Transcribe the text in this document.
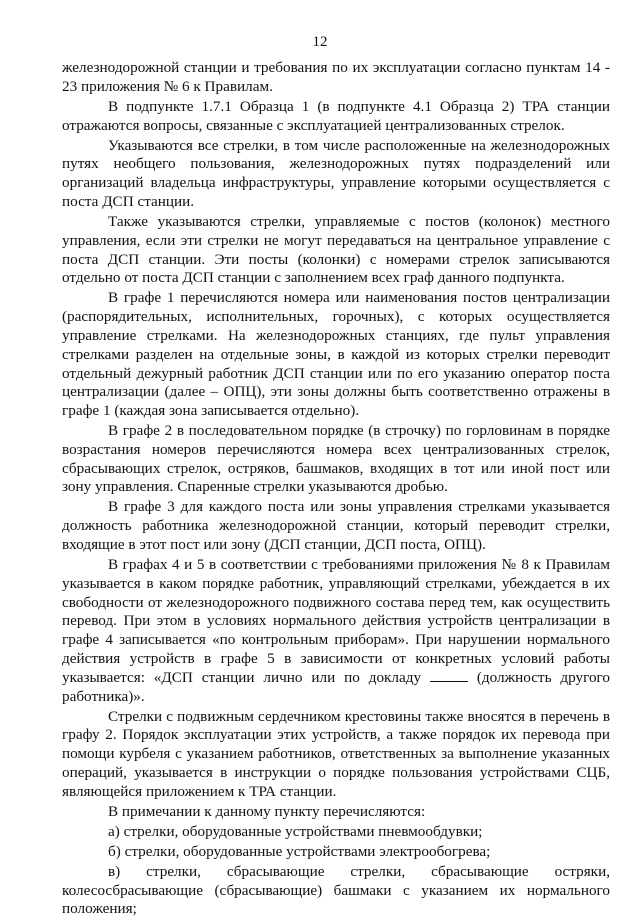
12

железнодорожной станции и требования по их эксплуатации согласно пунктам 14 - 23 приложения № 6 к Правилам.

В подпункте 1.7.1 Образца 1 (в подпункте 4.1 Образца 2) ТРА станции отражаются вопросы, связанные с эксплуатацией централизованных стрелок.

Указываются все стрелки, в том числе расположенные на железнодорожных путях необщего пользования, железнодорожных путях подразделений или организаций владельца инфраструктуры, управление которыми осуществляется с поста ДСП станции.

Также указываются стрелки, управляемые с постов (колонок) местного управления, если эти стрелки не могут передаваться на центральное управление с поста ДСП станции. Эти посты (колонки) с номерами стрелок записываются отдельно от поста ДСП станции с заполнением всех граф данного подпункта.

В графе 1 перечисляются номера или наименования постов централизации (распорядительных, исполнительных, горочных), с которых осуществляется управление стрелками. На железнодорожных станциях, где пульт управления стрелками разделен на отдельные зоны, в каждой из которых стрелки переводит отдельный дежурный работник ДСП станции или по его указанию оператор поста централизации (далее – ОПЦ), эти зоны должны быть соответственно отражены в графе 1 (каждая зона записывается отдельно).

В графе 2 в последовательном порядке (в строчку) по горловинам в порядке возрастания номеров перечисляются номера всех централизованных стрелок, сбрасывающих стрелок, остряков, башмаков, входящих в тот или иной пост или зону управления. Спаренные стрелки указываются дробью.

В графе 3 для каждого поста или зоны управления стрелками указывается должность работника железнодорожной станции, который переводит стрелки, входящие в этот пост или зону (ДСП станции, ДСП поста, ОПЦ).

В графах 4 и 5 в соответствии с требованиями приложения № 8 к Правилам указывается в каком порядке работник, управляющий стрелками, убеждается в их свободности от железнодорожного подвижного состава перед тем, как осуществить перевод. При этом в условиях нормального действия устройств централизации в графе 4 записывается «по контрольным приборам». При нарушении нормального действия устройств в графе 5 в зависимости от конкретных условий работы указывается: «ДСП станции лично или по докладу	(должность другого работника)».

Стрелки с подвижным сердечником крестовины также вносятся в перечень в графу 2. Порядок эксплуатации этих устройств, а также порядок их перевода при помощи курбеля с указанием работников, ответственных за выполнение указанных операций, указывается в инструкции о порядке пользования устройствами СЦБ, являющейся приложением к ТРА станции.

В примечании к данному пункту перечисляются:

а) стрелки, оборудованные устройствами пневмообдувки;

б) стрелки, оборудованные устройствами электрообогрева;

в) стрелки, сбрасывающие стрелки, сбрасывающие остряки, колесосбрасывающие (сбрасывающие) башмаки с указанием их нормального положения;
